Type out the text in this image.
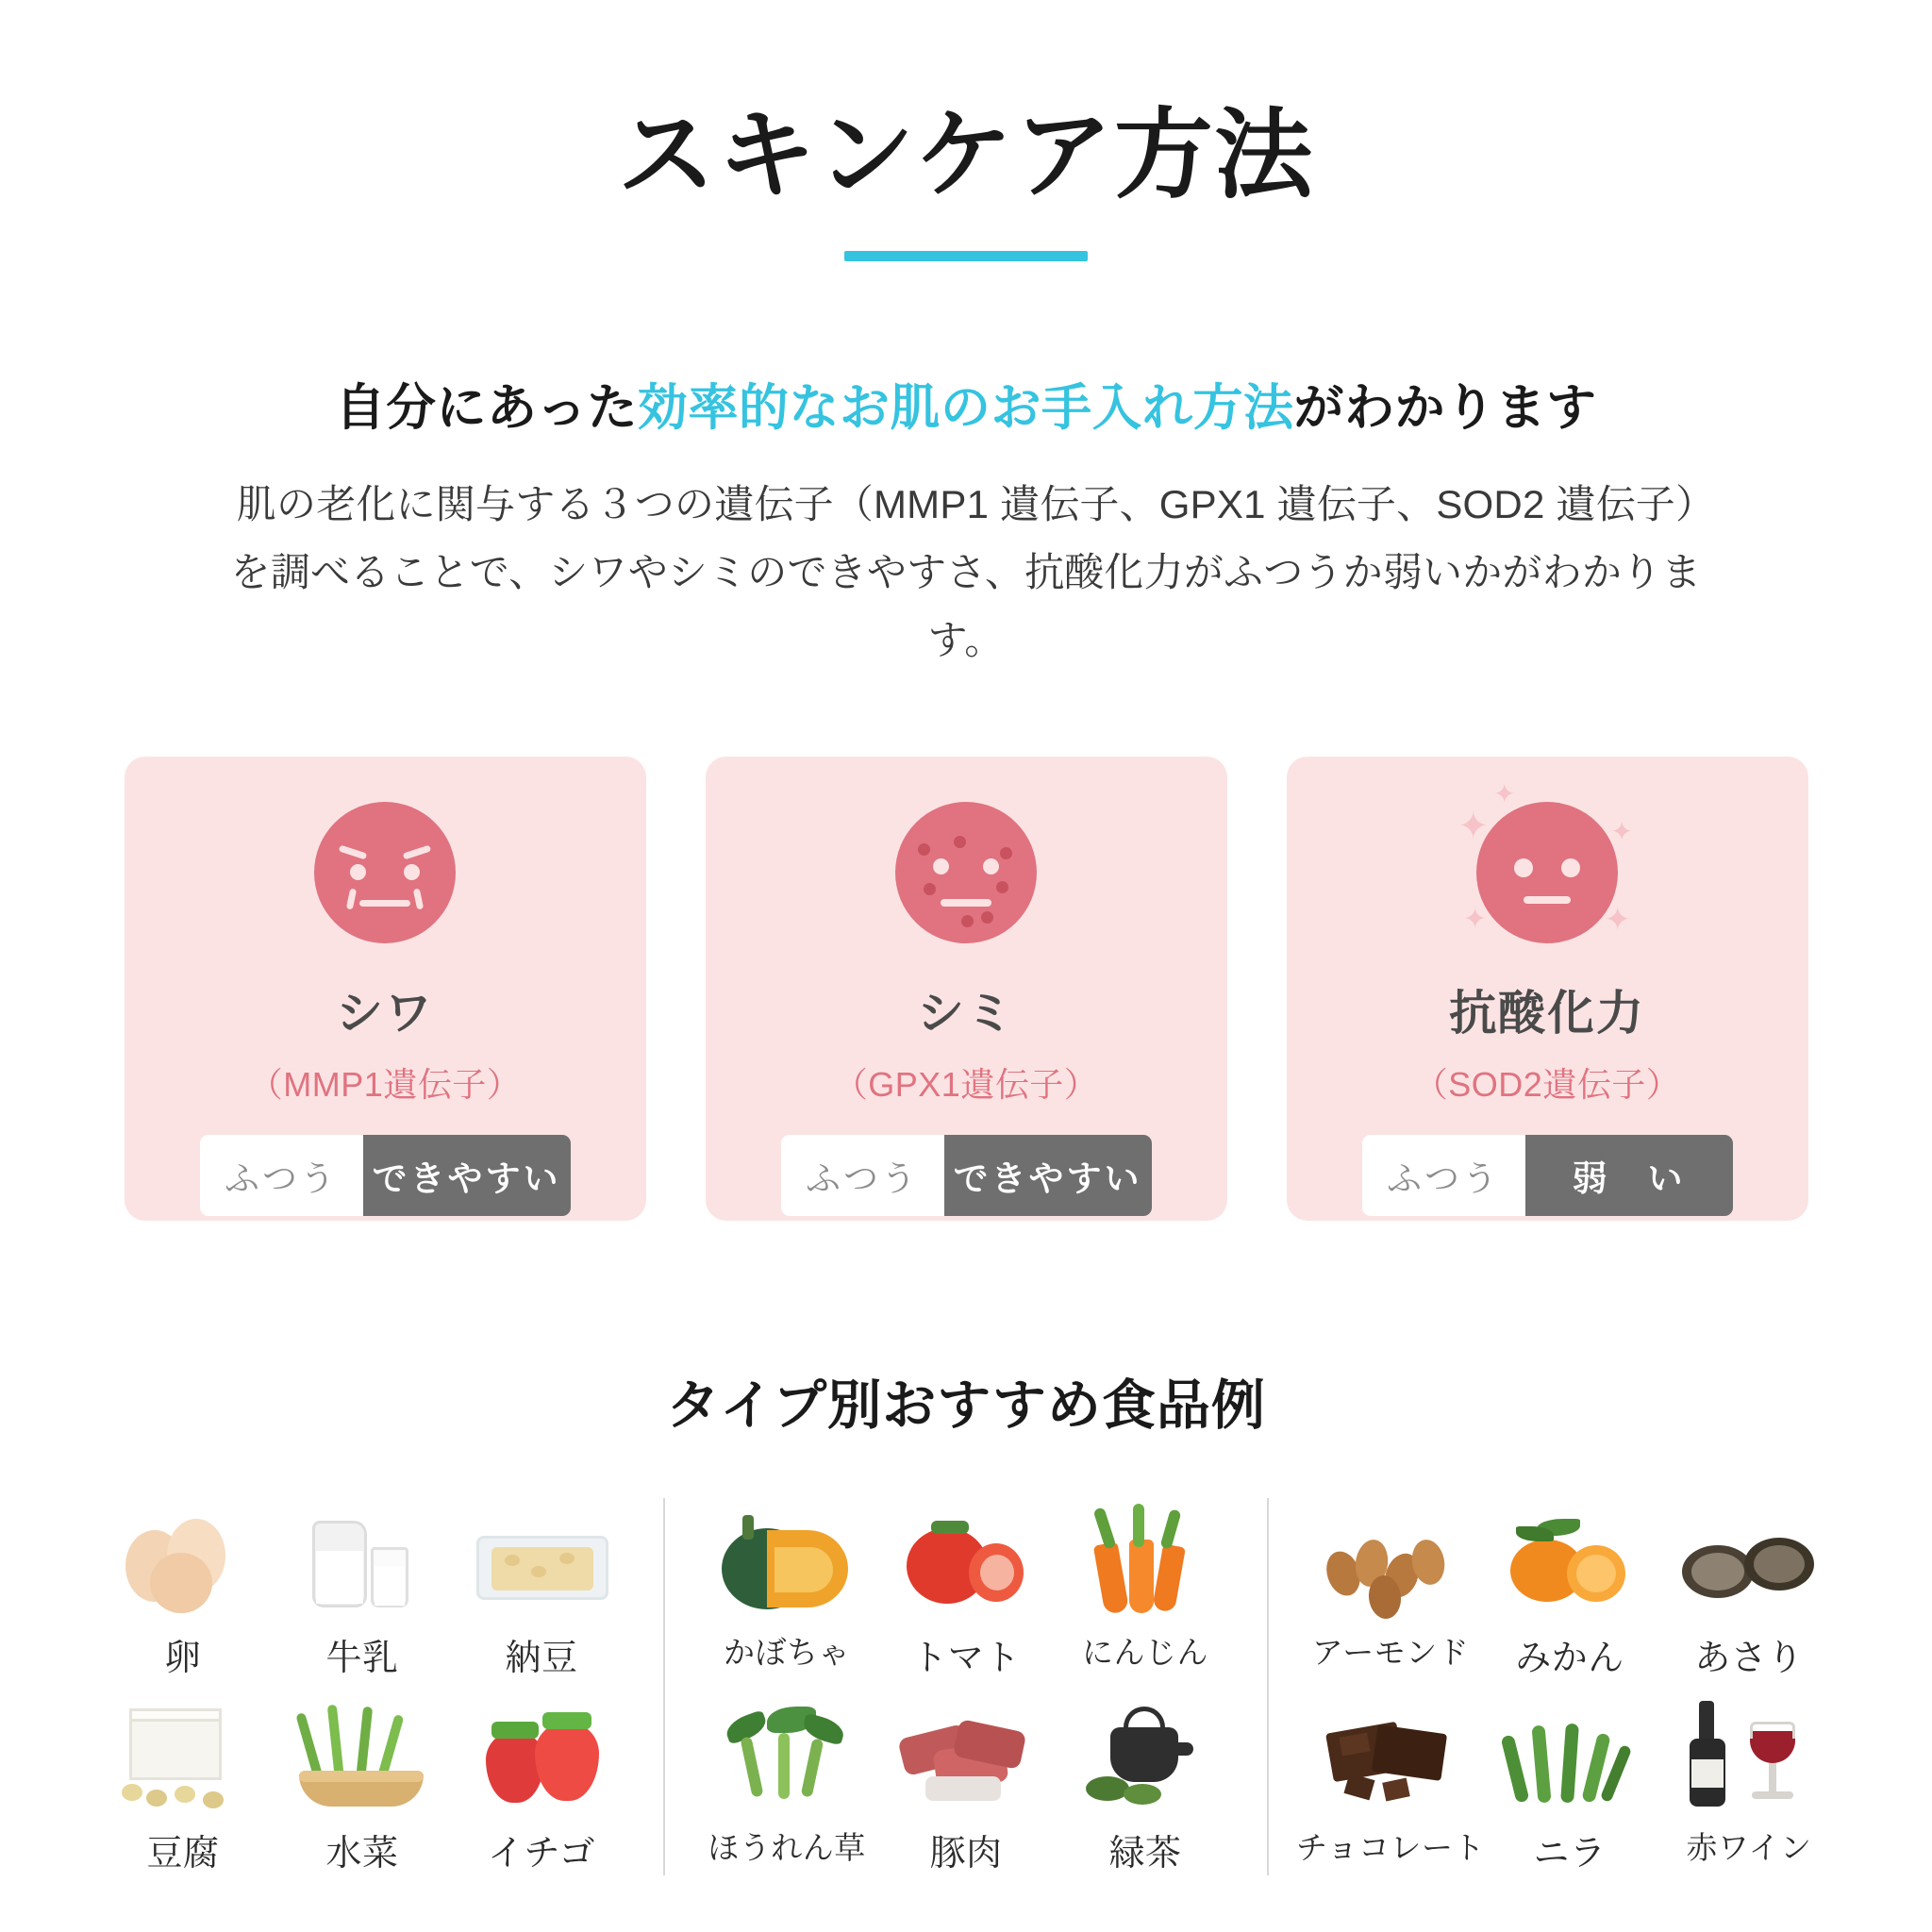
スキンケア方法
自分にあった効率的なお肌のお手入れ方法がわかります

肌の老化に関与する３つの遺伝子（MMP1 遺伝子、GPX1 遺伝子、SOD2 遺伝子）を調べることで、シワやシミのできやすさ、抗酸化力がふつうか弱いかがわかります。

シワ
（MMP1遺伝子）
ふつう できやすい
シミ
（GPX1遺伝子）
ふつう できやすい
✦
✦
✦
✦	✦
抗酸化力
（SOD2遺伝子）
ふつう	弱　い
タイプ別おすすめ食品例
卵	牛乳	納豆
豆腐	水菜 イチゴ
かぼちゃ トマト にんじん
ほうれん草 豚肉	緑茶
アーモンド みかん あさり
チョコレート ニラ	赤ワイン
